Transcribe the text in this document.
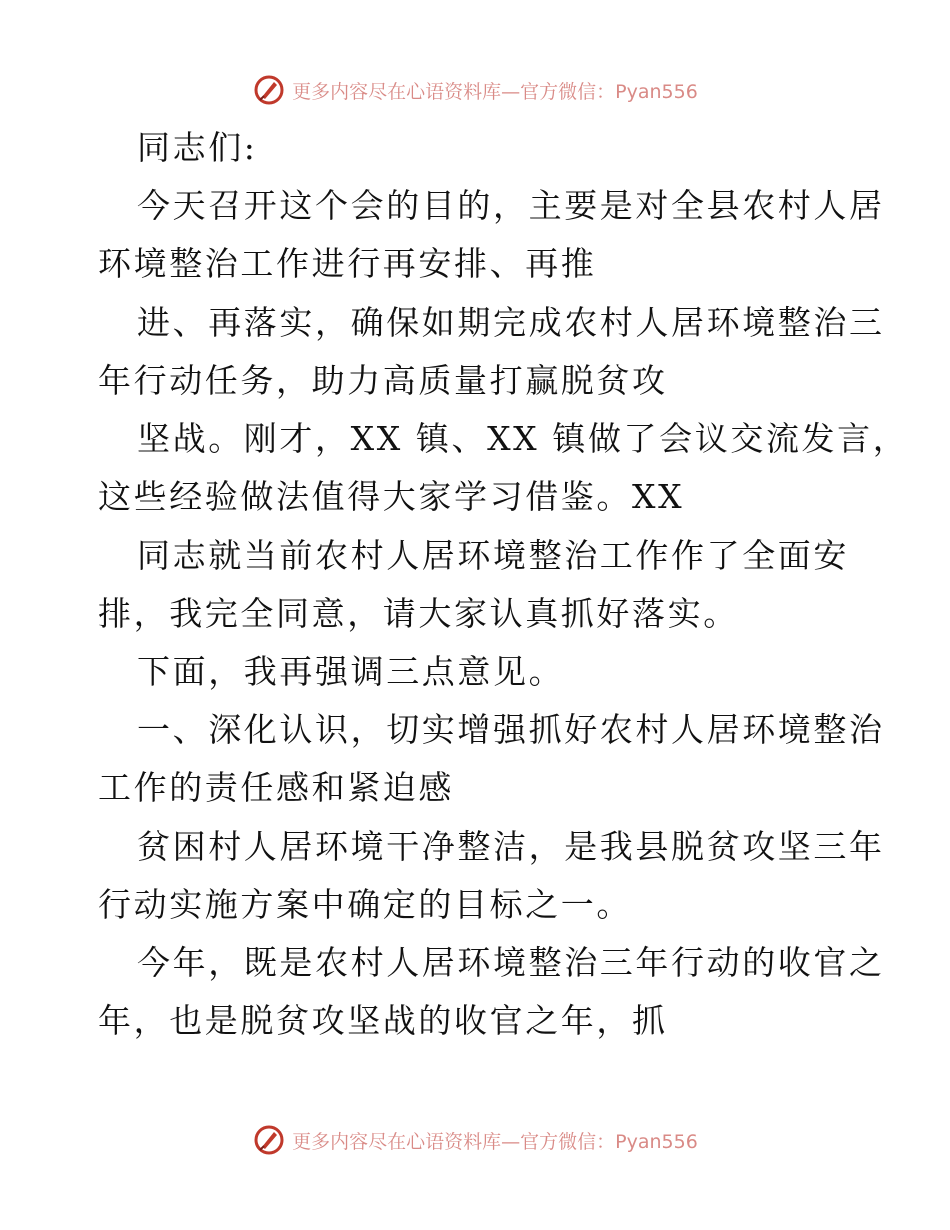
更多内容尽在心语资料库—官方微信：Pyan556
同志们:
今天召开这个会的目的，主要是对全县农村人居
环境整治工作进行再安排、再推
进、再落实，确保如期完成农村人居环境整治三
年行动任务，助力高质量打赢脱贫攻
坚战。刚才，XX 镇、XX 镇做了会议交流发言，
这些经验做法值得大家学习借鉴。XX
同志就当前农村人居环境整治工作作了全面安
排，我完全同意，请大家认真抓好落实。
下面，我再强调三点意见。
一、深化认识，切实增强抓好农村人居环境整治
工作的责任感和紧迫感
贫困村人居环境干净整洁，是我县脱贫攻坚三年
行动实施方案中确定的目标之一。
今年，既是农村人居环境整治三年行动的收官之
年，也是脱贫攻坚战的收官之年，抓
更多内容尽在心语资料库—官方微信：Pyan556
